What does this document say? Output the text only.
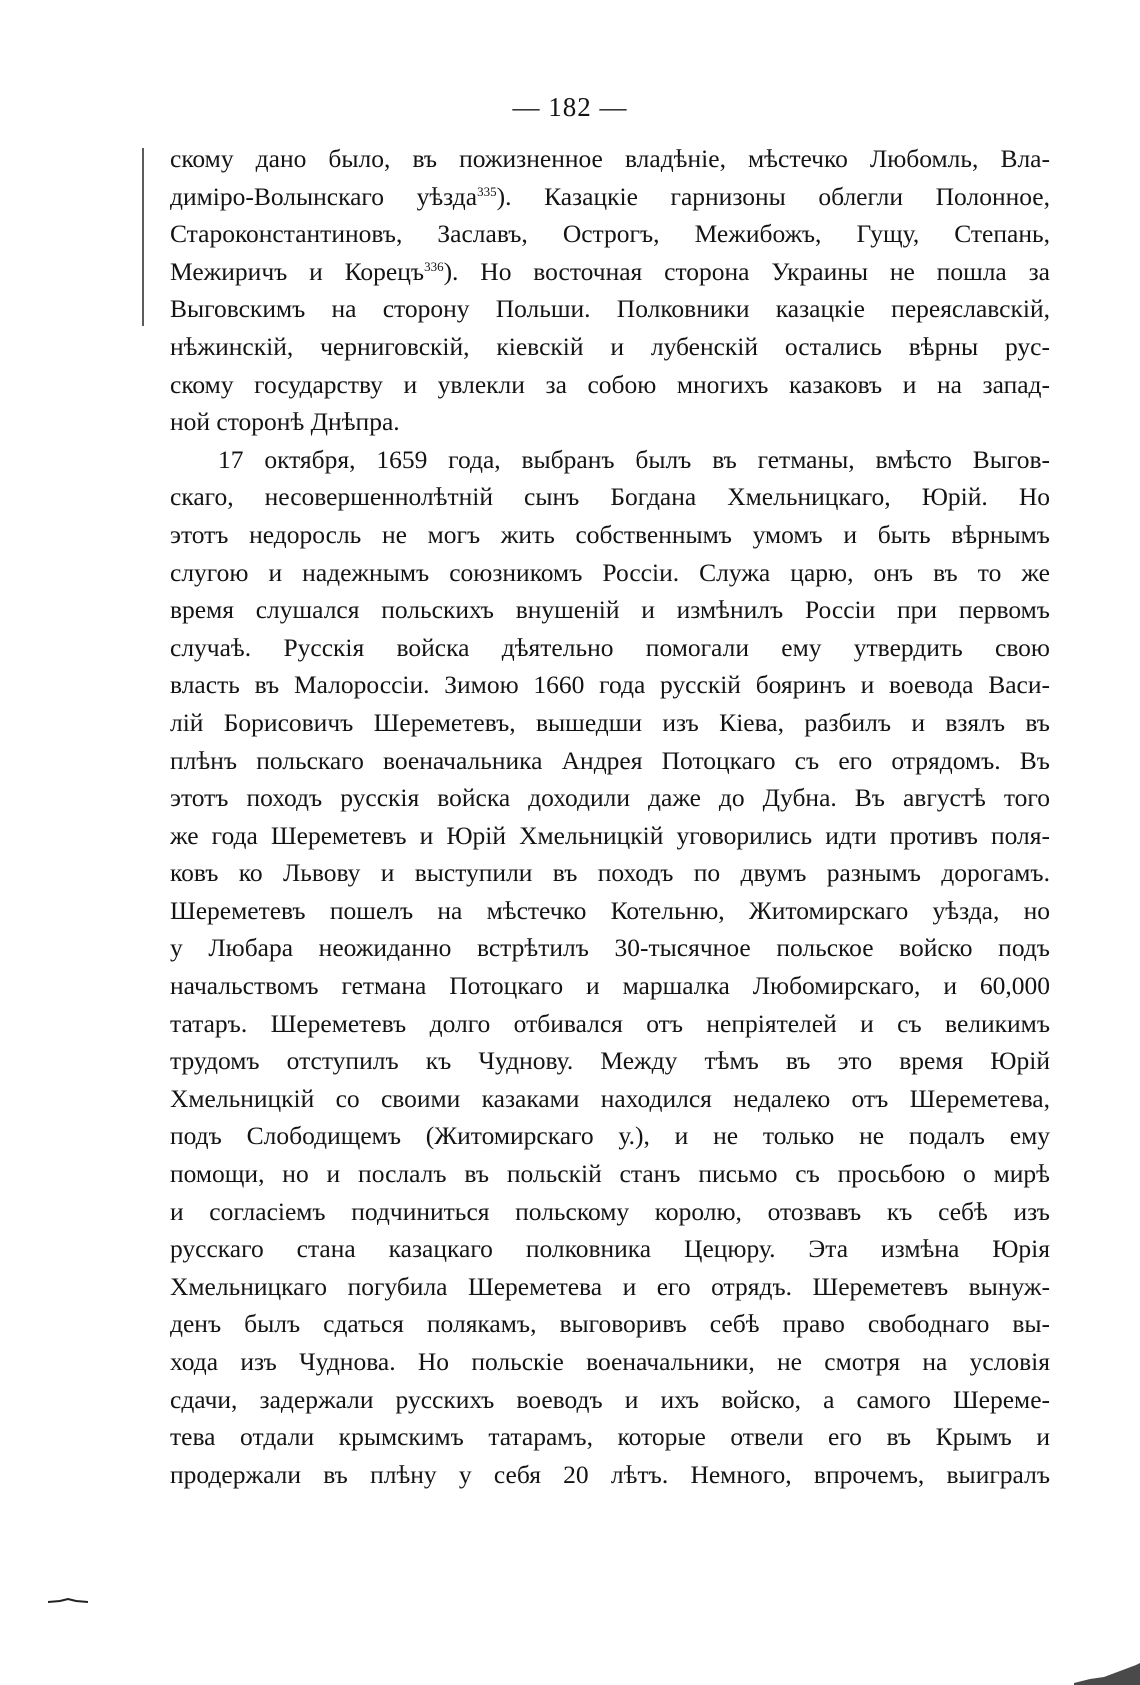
— 182 —
скому дано было, въ пожизненное владѣніе, мѣстечко Любомль, Вла-
диміро-Волынскаго уѣзда$^{335}$). Казацкіе гарнизоны облегли Полонное,
Староконстантиновъ, Заславъ, Острогъ, Межибожъ, Гущу, Степань,
Межиричъ и Корецъ$^{336}$). Но восточная сторона Украины не пошла за
Выговскимъ на сторону Польши. Полковники казацкіе переяславскій,
нѣжинскій, черниговскій, кіевскій и лубенскій остались вѣрны рус-
скому государству и увлекли за собою многихъ казаковъ и на запад-
ной сторонѣ Днѣпра.
17 октября, 1659 года, выбранъ былъ въ гетманы, вмѣсто Выгов-
скаго, несовершеннолѣтній сынъ Богдана Хмельницкаго, Юрій. Но
этотъ недоросль не могъ жить собственнымъ умомъ и быть вѣрнымъ
слугою и надежнымъ союзникомъ Россіи. Служа царю, онъ въ то же
время слушался польскихъ внушеній и измѣнилъ Россіи при первомъ
случаѣ. Русскія войска дѣятельно помогали ему утвердить свою
власть въ Малороссіи. Зимою 1660 года русскій бояринъ и воевода Васи-
лій Борисовичъ Шереметевъ, вышедши изъ Кіева, разбилъ и взялъ въ
плѣнъ польскаго военачальника Андрея Потоцкаго съ его отрядомъ. Въ
этотъ походъ русскія войска доходили даже до Дубна. Въ августѣ того
же года Шереметевъ и Юрій Хмельницкій уговорились идти противъ поля-
ковъ ко Львову и выступили въ походъ по двумъ разнымъ дорогамъ.
Шереметевъ пошелъ на мѣстечко Котельню, Житомирскаго уѣзда, но
у Любара неожиданно встрѣтилъ 30-тысячное польское войско подъ
начальствомъ гетмана Потоцкаго и маршалка Любомирскаго, и 60,000
татаръ. Шереметевъ долго отбивался отъ непріятелей и съ великимъ
трудомъ отступилъ къ Чуднову. Между тѣмъ въ это время Юрій
Хмельницкій со своими казаками находился недалеко отъ Шереметева,
подъ Слободищемъ (Житомирскаго у.), и не только не подалъ ему
помощи, но и послалъ въ польскій станъ письмо съ просьбою о мирѣ
и согласіемъ подчиниться польскому королю, отозвавъ къ себѣ изъ
русскаго стана казацкаго полковника Цецюру. Эта измѣна Юрія
Хмельницкаго погубила Шереметева и его отрядъ. Шереметевъ вынуж-
денъ былъ сдаться полякамъ, выговоривъ себѣ право свободнаго вы-
хода изъ Чуднова. Но польскіе военачальники, не смотря на условія
сдачи, задержали русскихъ воеводъ и ихъ войско, а самого Шереме-
тева отдали крымскимъ татарамъ, которые отвели его въ Крымъ и
продержали въ плѣну у себя 20 лѣтъ. Немного, впрочемъ, выигралъ
